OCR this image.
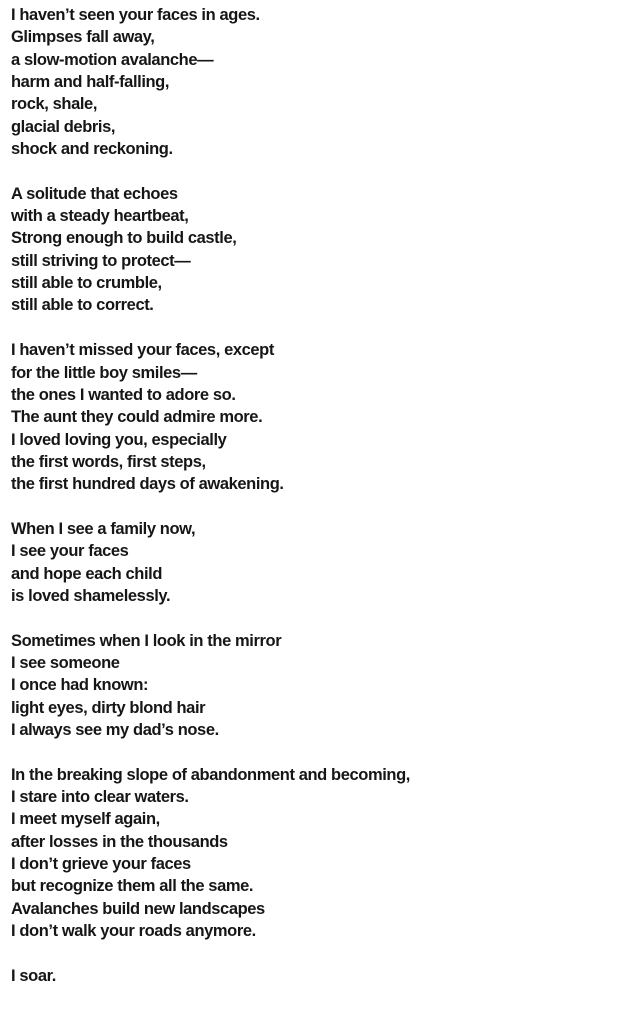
I haven’t seen your faces in ages.
Glimpses fall away,
a slow-motion avalanche—
harm and half-falling,
rock, shale,
glacial debris,
shock and reckoning.

A solitude that echoes
with a steady heartbeat,
Strong enough to build castle,
still striving to protect—
still able to crumble,
still able to correct.

I haven’t missed your faces, except
for the little boy smiles—
the ones I wanted to adore so.
The aunt they could admire more.
I loved loving you, especially
the first words, first steps,
the first hundred days of awakening.

When I see a family now,
I see your faces
and hope each child
is loved shamelessly.

Sometimes when I look in the mirror
I see someone
I once had known:
light eyes, dirty blond hair
I always see my dad’s nose.

In the breaking slope of abandonment and becoming,
I stare into clear waters.
I meet myself again,
after losses in the thousands
I don’t grieve your faces
but recognize them all the same.
Avalanches build new landscapes
I don’t walk your roads anymore.

I soar.
